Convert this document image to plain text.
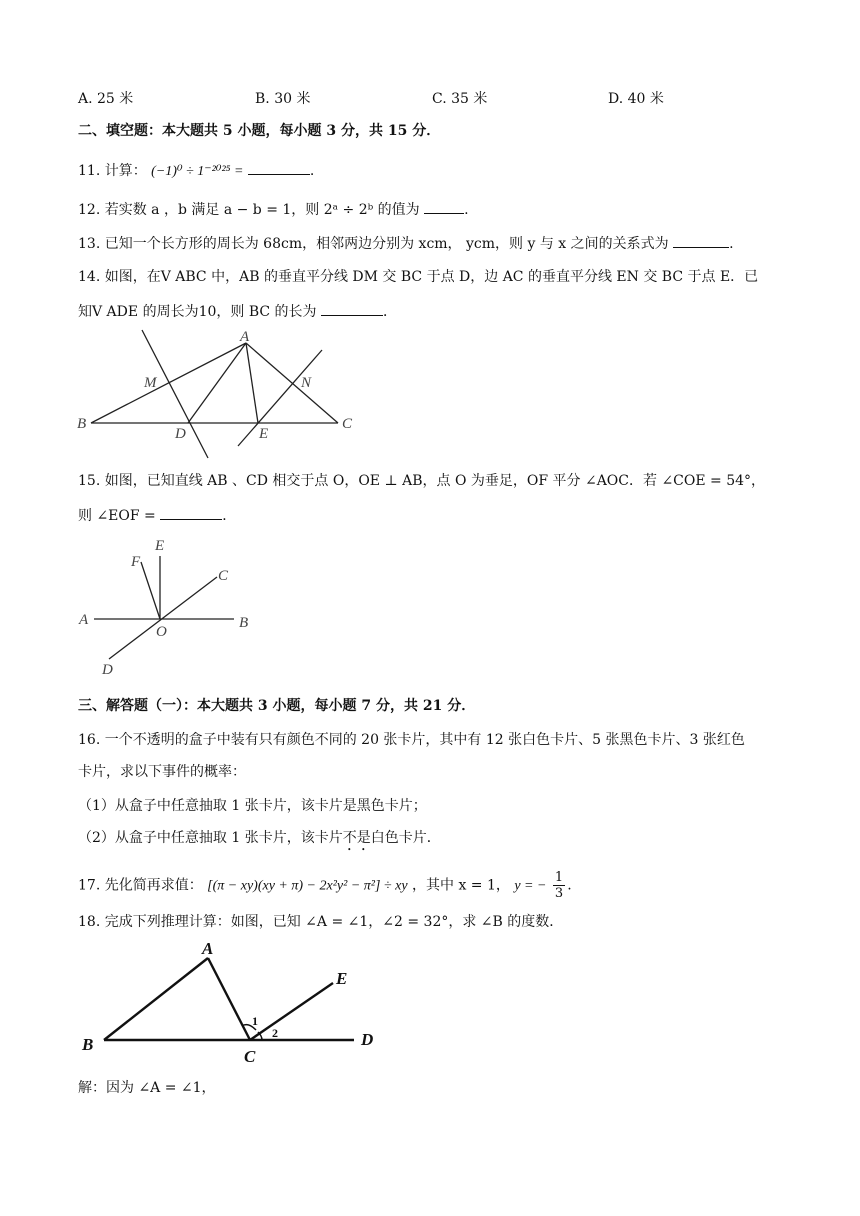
A. 25 米	B. 30 米	C. 35 米	D. 40 米
二、填空题：本大题共 5 小题，每小题 3 分，共 15 分．
11. 计算： (−1)⁰ ÷ 1⁻²⁰²⁵ =	.
12. 若实数 a ，b 满足 a − b = 1，则 2ᵃ ÷ 2ᵇ 的值为	.
13. 已知一个长方形的周长为 68cm，相邻两边分别为 xcm， ycm，则 y 与 x 之间的关系式为	.
14. 如图，在V ABC 中，AB 的垂直平分线 DM 交 BC 于点 D，边 AC 的垂直平分线 EN 交 BC 于点 E．已
知V ADE 的周长为10，则 BC 的长为	．
A
B	C
D	E
M	N
15. 如图，已知直线 AB 、CD 相交于点 O，OE ⊥ AB，点 O 为垂足，OF 平分 ∠AOC．若 ∠COE = 54°，
则 ∠EOF =	．
A	B
C
D
E
F
O
三、解答题（一）：本大题共 3 小题，每小题 7 分，共 21 分．
16. 一个不透明的盒子中装有只有颜色不同的 20 张卡片，其中有 12 张白色卡片、5 张黑色卡片、3 张红色
卡片，求以下事件的概率：
（1）从盒子中任意抽取 1 张卡片，该卡片是黑色卡片；
（2）从盒子中任意抽取 1 张卡片，该卡片不是白色卡片．
17. 先化简再求值： [(π − xy)(xy + π) − 2x²y² − π²] ÷ xy ，其中 x = 1， y = − $\frac{1}{3}$ .
18. 完成下列推理计算：如图，已知 ∠A = ∠1，∠2 = 32°，求 ∠B 的度数．
A
B
C
D
E
1
2
解：因为 ∠A = ∠1，
